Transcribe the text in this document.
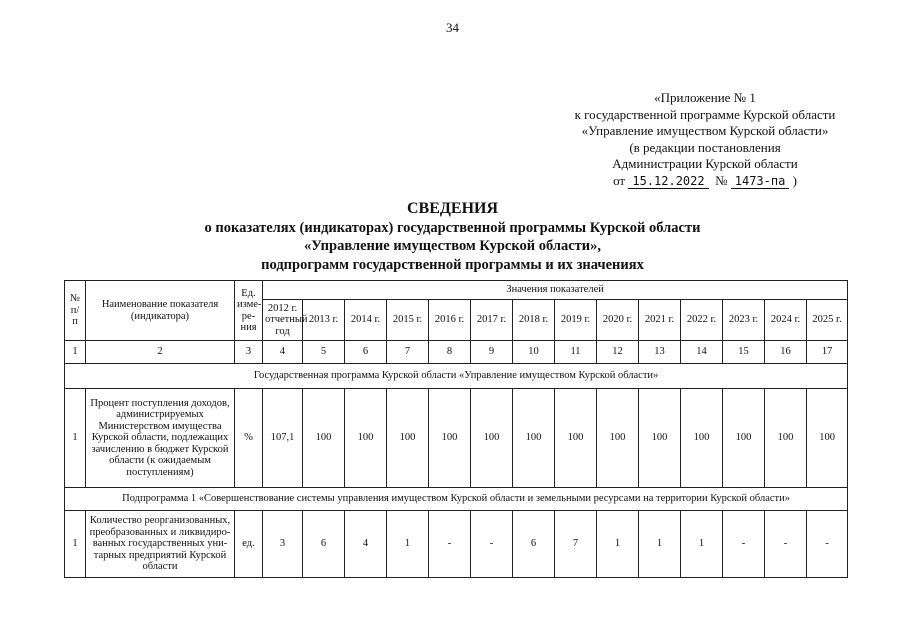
34
«Приложение № 1
к государственной программе Курской области
«Управление имуществом Курской области»
(в редакции постановления
Администрации Курской области
от 15.12.2022 № 1473-па )
СВЕДЕНИЯ
о показателях (индикаторах) государственной программы Курской области
«Управление имуществом Курской области»,
подпрограмм государственной программы и их значениях
№ п/ п	Наименование показателя (индикатора)	Ед. изме- ре- ния	Значения показателей													
			2012 г. отчетный год	2013 г.	2014 г.	2015 г.	2016 г.	2017 г.	2018 г.	2019 г.	2020 г.	2021 г.	2022 г.	2023 г.	2024 г.	2025 г.
1	2	3	4	5	6	7	8	9	10	11	12	13	14	15	16	17
Государственная программа Курской области «Управление имуществом Курской области»																
1	Процент поступления доходов, администрируемых Министерством имущества Курской области, подлежащих зачислению в бюджет Курской области (к ожидаемым поступлениям)	%	107,1	100	100	100	100	100	100	100	100	100	100	100	100	100
Подпрограмма 1 «Совершенствование системы управления имуществом Курской области и земельными ресурсами на территории Курской области»																
1	Количество реорганизованных, преобразованных и ликвидиро- ванных государственных уни- тарных предприятий Курской области	ед.	3	6	4	1	-	-	6	7	1	1	1	-	-	-
